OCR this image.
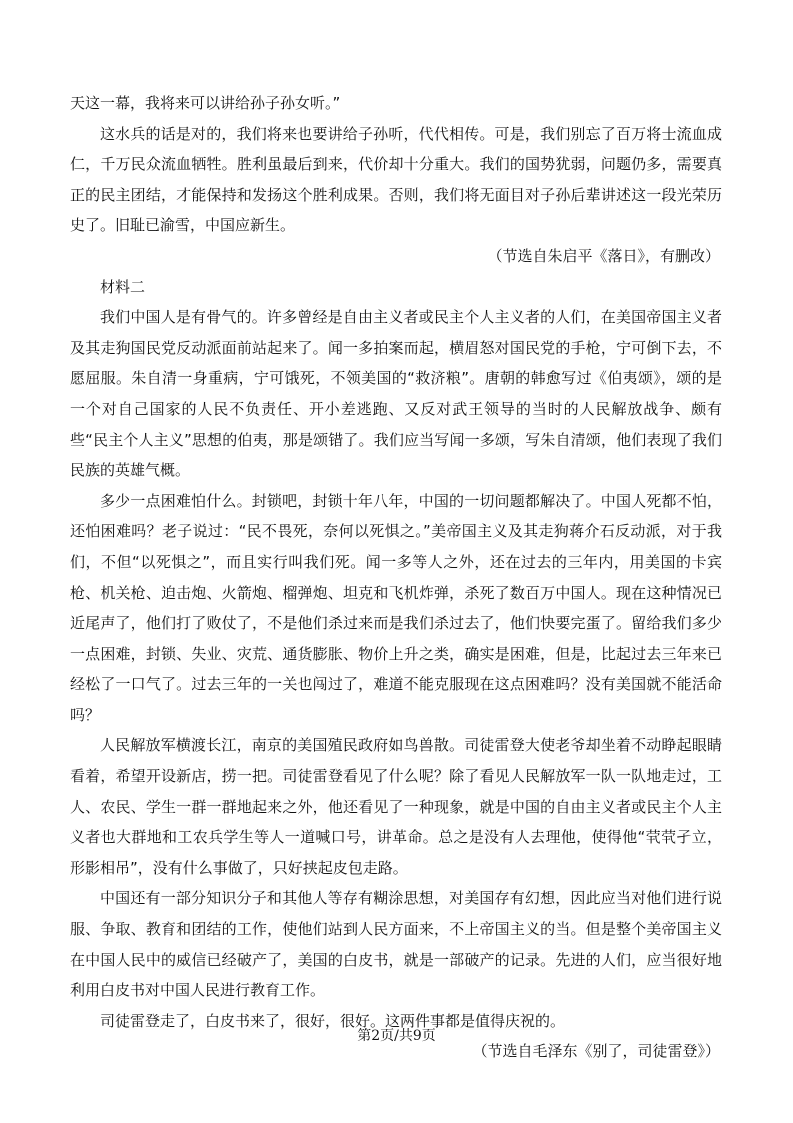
天这一幕，我将来可以讲给孙子孙女听。”

这水兵的话是对的，我们将来也要讲给子孙听，代代相传。可是，我们别忘了百万将士流血成仁，千万民众流血牺牲。胜利虽最后到来，代价却十分重大。我们的国势犹弱，问题仍多，需要真正的民主团结，才能保持和发扬这个胜利成果。否则，我们将无面目对子孙后辈讲述这一段光荣历史了。旧耻已渝雪，中国应新生。

（节选自朱启平《落日》，有删改）

材料二

我们中国人是有骨气的。许多曾经是自由主义者或民主个人主义者的人们，在美国帝国主义者及其走狗国民党反动派面前站起来了。闻一多拍案而起，横眉怒对国民党的手枪，宁可倒下去，不愿屈服。朱自清一身重病，宁可饿死，不领美国的“救济粮”。唐朝的韩愈写过《伯夷颂》，颂的是一个对自己国家的人民不负责任、开小差逃跑、又反对武王领导的当时的人民解放战争、颇有些“民主个人主义”思想的伯夷，那是颂错了。我们应当写闻一多颂，写朱自清颂，他们表现了我们民族的英雄气概。

多少一点困难怕什么。封锁吧，封锁十年八年，中国的一切问题都解决了。中国人死都不怕，还怕困难吗？老子说过：“民不畏死，奈何以死惧之。”美帝国主义及其走狗蒋介石反动派，对于我们，不但“以死惧之”，而且实行叫我们死。闻一多等人之外，还在过去的三年内，用美国的卡宾枪、机关枪、迫击炮、火箭炮、榴弹炮、坦克和飞机炸弹，杀死了数百万中国人。现在这种情况已近尾声了，他们打了败仗了，不是他们杀过来而是我们杀过去了，他们快要完蛋了。留给我们多少一点困难，封锁、失业、灾荒、通货膨胀、物价上升之类，确实是困难，但是，比起过去三年来已经松了一口气了。过去三年的一关也闯过了，难道不能克服现在这点困难吗？没有美国就不能活命吗？

人民解放军横渡长江，南京的美国殖民政府如鸟兽散。司徒雷登大使老爷却坐着不动睁起眼睛看着，希望开设新店，捞一把。司徒雷登看见了什么呢？除了看见人民解放军一队一队地走过，工人、农民、学生一群一群地起来之外，他还看见了一种现象，就是中国的自由主义者或民主个人主义者也大群地和工农兵学生等人一道喊口号，讲革命。总之是没有人去理他，使得他“茕茕孑立，形影相吊”，没有什么事做了，只好挟起皮包走路。

中国还有一部分知识分子和其他人等存有糊涂思想，对美国存有幻想，因此应当对他们进行说服、争取、教育和团结的工作，使他们站到人民方面来，不上帝国主义的当。但是整个美帝国主义在中国人民中的威信已经破产了，美国的白皮书，就是一部破产的记录。先进的人们，应当很好地利用白皮书对中国人民进行教育工作。

司徒雷登走了，白皮书来了，很好，很好。这两件事都是值得庆祝的。

（节选自毛泽东《别了，司徒雷登》）

第2页/共9页
